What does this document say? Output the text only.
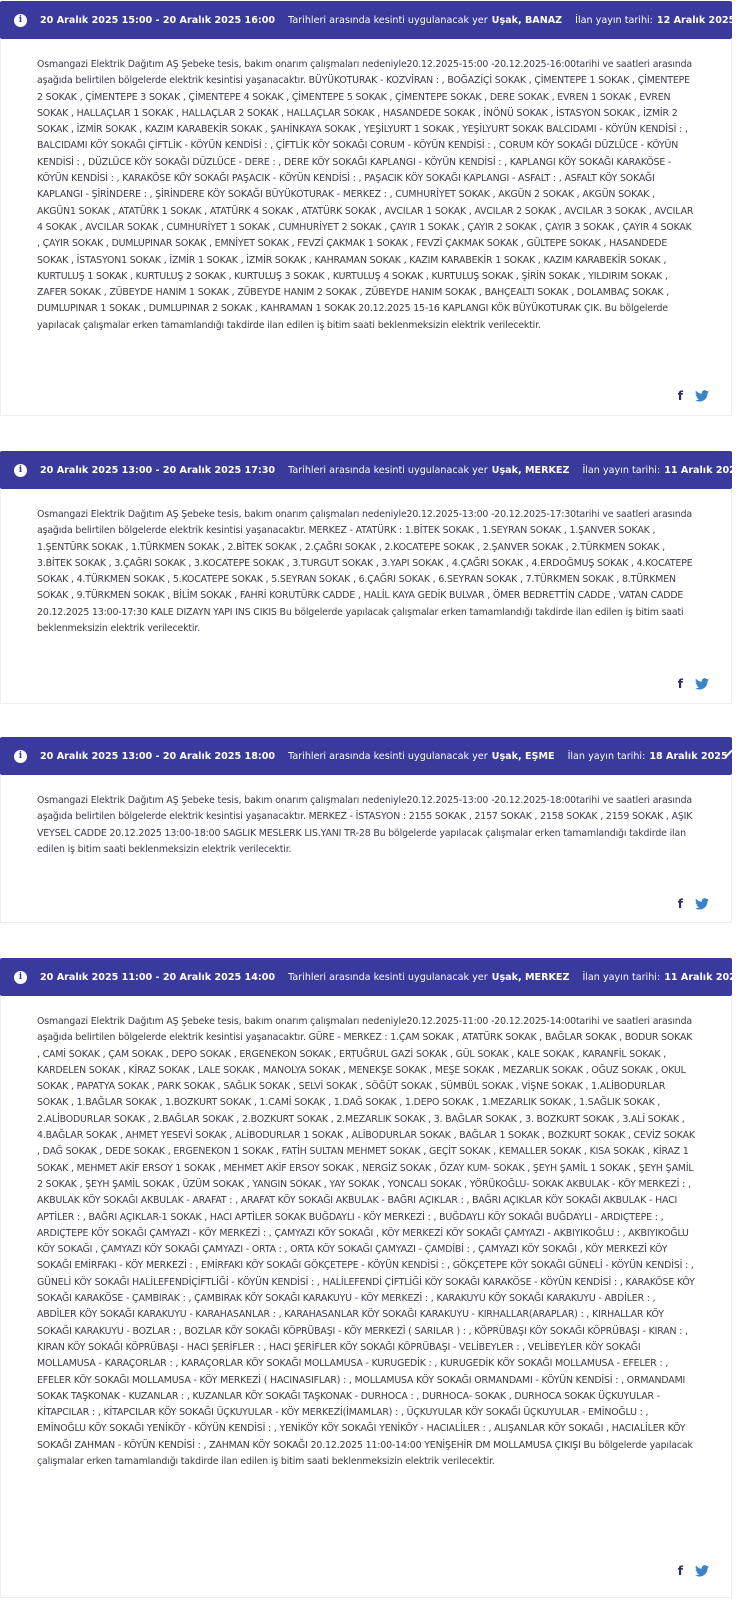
i	20 Aralık 2025 15:00 - 20 Aralık 2025 16:00 Tarihleri arasında kesinti uygulanacak yer Uşak, BANAZ İlan yayın tarihi: 12 Aralık 2025

Osmangazi Elektrik Dağıtım AŞ Şebeke tesis, bakım onarım çalışmaları nedeniyle20.12.2025-15:00 -20.12.2025-16:00tarihi ve saatleri arasında aşağıda belirtilen bölgelerde elektrik kesintisi yaşanacaktır. BÜYÜKOTURAK - KOZVİRAN : , BOĞAZİÇİ SOKAK , ÇİMENTEPE 1 SOKAK , ÇİMENTEPE 2 SOKAK , ÇİMENTEPE 3 SOKAK , ÇİMENTEPE 4 SOKAK , ÇİMENTEPE 5 SOKAK , ÇİMENTEPE SOKAK , DERE SOKAK , EVREN 1 SOKAK , EVREN SOKAK , HALLAÇLAR 1 SOKAK , HALLAÇLAR 2 SOKAK , HALLAÇLAR SOKAK , HASANDEDE SOKAK , İNÖNÜ SOKAK , İSTASYON SOKAK , İZMİR 2 SOKAK , İZMİR SOKAK , KAZIM KARABEKİR SOKAK , ŞAHİNKAYA SOKAK , YEŞİLYURT 1 SOKAK , YEŞİLYURT SOKAK BALCIDAMI - KÖYÜN KENDİSİ : , BALCIDAMI KÖY SOKAĞI ÇİFTLİK - KÖYÜN KENDİSİ : , ÇİFTLİK KÖY SOKAĞI CORUM - KÖYÜN KENDİSİ : , CORUM KÖY SOKAĞI DÜZLÜCE - KÖYÜN KENDİSİ : , DÜZLÜCE KÖY SOKAĞI DÜZLÜCE - DERE : , DERE KÖY SOKAĞI KAPLANGI - KÖYÜN KENDİSİ : , KAPLANGI KÖY SOKAĞI KARAKÖSE - KÖYÜN KENDİSİ : , KARAKÖSE KÖY SOKAĞI PAŞACIK - KÖYÜN KENDİSİ : , PAŞACIK KÖY SOKAĞI KAPLANGI - ASFALT : , ASFALT KÖY SOKAĞI KAPLANGI - ŞİRİNDERE : , ŞİRİNDERE KÖY SOKAĞI BÜYÜKOTURAK - MERKEZ : , CUMHURİYET SOKAK , AKGÜN 2 SOKAK , AKGÜN SOKAK , AKGÜN1 SOKAK , ATATÜRK 1 SOKAK , ATATÜRK 4 SOKAK , ATATÜRK SOKAK , AVCILAR 1 SOKAK , AVCILAR 2 SOKAK , AVCILAR 3 SOKAK , AVCILAR 4 SOKAK , AVCILAR SOKAK , CUMHURİYET 1 SOKAK , CUMHURİYET 2 SOKAK , ÇAYIR 1 SOKAK , ÇAYIR 2 SOKAK , ÇAYIR 3 SOKAK , ÇAYIR 4 SOKAK , ÇAYIR SOKAK , DUMLUPINAR SOKAK , EMNİYET SOKAK , FEVZİ ÇAKMAK 1 SOKAK , FEVZİ ÇAKMAK SOKAK , GÜLTEPE SOKAK , HASANDEDE SOKAK , İSTASYON1 SOKAK , İZMİR 1 SOKAK , İZMİR SOKAK , KAHRAMAN SOKAK , KAZIM KARABEKİR 1 SOKAK , KAZIM KARABEKİR SOKAK , KURTULUŞ 1 SOKAK , KURTULUŞ 2 SOKAK , KURTULUŞ 3 SOKAK , KURTULUŞ 4 SOKAK , KURTULUŞ SOKAK , ŞİRİN SOKAK , YILDIRIM SOKAK , ZAFER SOKAK , ZÜBEYDE HANIM 1 SOKAK , ZÜBEYDE HANIM 2 SOKAK , ZÜBEYDE HANIM SOKAK , BAHÇEALTI SOKAK , DOLAMBAÇ SOKAK , DUMLUPINAR 1 SOKAK , DUMLUPINAR 2 SOKAK , KAHRAMAN 1 SOKAK 20.12.2025 15-16 KAPLANGI KÖK BÜYÜKOTURAK ÇIK. Bu bölgelerde yapılacak çalışmalar erken tamamlandığı takdirde ilan edilen iş bitim saati beklenmeksizin elektrik verilecektir.

f
i	20 Aralık 2025 13:00 - 20 Aralık 2025 17:30 Tarihleri arasında kesinti uygulanacak yer Uşak, MERKEZ İlan yayın tarihi: 11 Aralık 2025

Osmangazi Elektrik Dağıtım AŞ Şebeke tesis, bakım onarım çalışmaları nedeniyle20.12.2025-13:00 -20.12.2025-17:30tarihi ve saatleri arasında aşağıda belirtilen bölgelerde elektrik kesintisi yaşanacaktır. MERKEZ - ATATÜRK : 1.BİTEK SOKAK , 1.SEYRAN SOKAK , 1.ŞANVER SOKAK , 1.ŞENTÜRK SOKAK , 1.TÜRKMEN SOKAK , 2.BİTEK SOKAK , 2.ÇAĞRI SOKAK , 2.KOCATEPE SOKAK , 2.ŞANVER SOKAK , 2.TÜRKMEN SOKAK , 3.BİTEK SOKAK , 3.ÇAĞRI SOKAK , 3.KOCATEPE SOKAK , 3.TURGUT SOKAK , 3.YAPI SOKAK , 4.ÇAĞRI SOKAK , 4.ERDOĞMUŞ SOKAK , 4.KOCATEPE SOKAK , 4.TÜRKMEN SOKAK , 5.KOCATEPE SOKAK , 5.SEYRAN SOKAK , 6.ÇAĞRI SOKAK , 6.SEYRAN SOKAK , 7.TÜRKMEN SOKAK , 8.TÜRKMEN SOKAK , 9.TÜRKMEN SOKAK , BİLİM SOKAK , FAHRİ KORUTÜRK CADDE , HALİL KAYA GEDİK BULVAR , ÖMER BEDRETTİN CADDE , VATAN CADDE 20.12.2025 13:00-17:30 KALE DIZAYN YAPI INS CIKIS Bu bölgelerde yapılacak çalışmalar erken tamamlandığı takdirde ilan edilen iş bitim saati beklenmeksizin elektrik verilecektir.

f
i	20 Aralık 2025 13:00 - 20 Aralık 2025 18:00 Tarihleri arasında kesinti uygulanacak yer Uşak, EŞME İlan yayın tarihi: 18 Aralık 2025

Osmangazi Elektrik Dağıtım AŞ Şebeke tesis, bakım onarım çalışmaları nedeniyle20.12.2025-13:00 -20.12.2025-18:00tarihi ve saatleri arasında aşağıda belirtilen bölgelerde elektrik kesintisi yaşanacaktır. MERKEZ - İSTASYON : 2155 SOKAK , 2157 SOKAK , 2158 SOKAK , 2159 SOKAK , AŞIK VEYSEL CADDE 20.12.2025 13:00-18:00 SAGLIK MESLERK LIS.YANI TR-28 Bu bölgelerde yapılacak çalışmalar erken tamamlandığı takdirde ilan edilen iş bitim saati beklenmeksizin elektrik verilecektir.

f
i	20 Aralık 2025 11:00 - 20 Aralık 2025 14:00 Tarihleri arasında kesinti uygulanacak yer Uşak, MERKEZ İlan yayın tarihi: 11 Aralık 2025

Osmangazi Elektrik Dağıtım AŞ Şebeke tesis, bakım onarım çalışmaları nedeniyle20.12.2025-11:00 -20.12.2025-14:00tarihi ve saatleri arasında aşağıda belirtilen bölgelerde elektrik kesintisi yaşanacaktır. GÜRE - MERKEZ : 1.ÇAM SOKAK , ATATÜRK SOKAK , BAĞLAR SOKAK , BODUR SOKAK , CAMİ SOKAK , ÇAM SOKAK , DEPO SOKAK , ERGENEKON SOKAK , ERTUĞRUL GAZİ SOKAK , GÜL SOKAK , KALE SOKAK , KARANFİL SOKAK , KARDELEN SOKAK , KİRAZ SOKAK , LALE SOKAK , MANOLYA SOKAK , MENEKŞE SOKAK , MEŞE SOKAK , MEZARLIK SOKAK , OĞUZ SOKAK , OKUL SOKAK , PAPATYA SOKAK , PARK SOKAK , SAĞLIK SOKAK , SELVİ SOKAK , SÖĞÜT SOKAK , SÜMBÜL SOKAK , VİŞNE SOKAK , 1.ALİBODURLAR SOKAK , 1.BAĞLAR SOKAK , 1.BOZKURT SOKAK , 1.CAMİ SOKAK , 1.DAĞ SOKAK , 1.DEPO SOKAK , 1.MEZARLIK SOKAK , 1.SAĞLIK SOKAK , 2.ALİBODURLAR SOKAK , 2.BAĞLAR SOKAK , 2.BOZKURT SOKAK , 2.MEZARLIK SOKAK , 3. BAĞLAR SOKAK , 3. BOZKURT SOKAK , 3.ALİ SOKAK , 4.BAĞLAR SOKAK , AHMET YESEVİ SOKAK , ALİBODURLAR 1 SOKAK , ALİBODURLAR SOKAK , BAĞLAR 1 SOKAK , BOZKURT SOKAK , CEVİZ SOKAK , DAĞ SOKAK , DEDE SOKAK , ERGENEKON 1 SOKAK , FATİH SULTAN MEHMET SOKAK , GEÇİT SOKAK , KEMALLER SOKAK , KISA SOKAK , KİRAZ 1 SOKAK , MEHMET AKİF ERSOY 1 SOKAK , MEHMET AKİF ERSOY SOKAK , NERGİZ SOKAK , ÖZAY KUM- SOKAK , ŞEYH ŞAMİL 1 SOKAK , ŞEYH ŞAMİL 2 SOKAK , ŞEYH ŞAMİL SOKAK , ÜZÜM SOKAK , YANGIN SOKAK , YAY SOKAK , YONCALI SOKAK , YÖRÜKOĞLU- SOKAK AKBULAK - KÖY MERKEZİ : , AKBULAK KÖY SOKAĞI AKBULAK - ARAFAT : , ARAFAT KÖY SOKAĞI AKBULAK - BAĞRI AÇIKLAR : , BAĞRI AÇIKLAR KÖY SOKAĞI AKBULAK - HACI APTİLER : , BAĞRI AÇIKLAR-1 SOKAK , HACI APTİLER SOKAK BUĞDAYLI - KÖY MERKEZİ : , BUĞDAYLI KÖY SOKAĞI BUĞDAYLI - ARDIÇTEPE : , ARDIÇTEPE KÖY SOKAĞI ÇAMYAZI - KÖY MERKEZİ : , ÇAMYAZI KÖY SOKAĞI , KÖY MERKEZİ KÖY SOKAĞI ÇAMYAZI - AKBIYIKOĞLU : , AKBIYIKOĞLU KÖY SOKAĞI , ÇAMYAZI KÖY SOKAĞI ÇAMYAZI - ORTA : , ORTA KÖY SOKAĞI ÇAMYAZI - ÇAMDİBİ : , ÇAMYAZI KÖY SOKAĞI , KÖY MERKEZİ KÖY SOKAĞI EMİRFAKI - KÖY MERKEZİ : , EMİRFAKI KÖY SOKAĞI GÖKÇETEPE - KÖYÜN KENDİSİ : , GÖKÇETEPE KÖY SOKAĞI GÜNELİ - KÖYÜN KENDİSİ : , GÜNELİ KÖY SOKAĞI HALİLEFENDİÇİFTLİĞİ - KÖYÜN KENDİSİ : , HALİLEFENDİ ÇİFTLİĞİ KÖY SOKAĞI KARAKÖSE - KÖYÜN KENDİSİ : , KARAKÖSE KÖY SOKAĞI KARAKÖSE - ÇAMBIRAK : , ÇAMBIRAK KÖY SOKAĞI KARAKUYU - KÖY MERKEZİ : , KARAKUYU KÖY SOKAĞI KARAKUYU - ABDİLER : , ABDİLER KÖY SOKAĞI KARAKUYU - KARAHASANLAR : , KARAHASANLAR KÖY SOKAĞI KARAKUYU - KIRHALLAR(ARAPLAR) : , KIRHALLAR KÖY SOKAĞI KARAKUYU - BOZLAR : , BOZLAR KÖY SOKAĞI KÖPRÜBAŞI - KÖY MERKEZİ ( SARILAR ) : , KÖPRÜBAŞI KÖY SOKAĞI KÖPRÜBAŞI - KIRAN : , KIRAN KÖY SOKAĞI KÖPRÜBAŞI - HACI ŞERİFLER : , HACI ŞERİFLER KÖY SOKAĞI KÖPRÜBAŞI - VELİBEYLER : , VELİBEYLER KÖY SOKAĞI MOLLAMUSA - KARAÇORLAR : , KARAÇORLAR KÖY SOKAĞI MOLLAMUSA - KURUGEDİK : , KURUGEDİK KÖY SOKAĞI MOLLAMUSA - EFELER : , EFELER KÖY SOKAĞI MOLLAMUSA - KÖY MERKEZİ ( HACINASIFLAR) : , MOLLAMUSA KÖY SOKAĞI ORMANDAMI - KÖYÜN KENDİSİ : , ORMANDAMI SOKAK TAŞKONAK - KUZANLAR : , KUZANLAR KÖY SOKAĞI TAŞKONAK - DURHOCA : , DURHOCA- SOKAK , DURHOCA SOKAK ÜÇKUYULAR - KİTAPCILAR : , KİTAPCILAR KÖY SOKAĞI ÜÇKUYULAR - KÖY MERKEZİ(İMAMLAR) : , ÜÇKUYULAR KÖY SOKAĞI ÜÇKUYULAR - EMİNOĞLU : , EMİNOĞLU KÖY SOKAĞI YENİKÖY - KÖYÜN KENDİSİ : , YENİKÖY KÖY SOKAĞI YENİKÖY - HACIALİLER : , ALIŞANLAR KÖY SOKAĞI , HACIALİLER KÖY SOKAĞI ZAHMAN - KÖYÜN KENDİSİ : , ZAHMAN KÖY SOKAĞI 20.12.2025 11:00-14:00 YENİŞEHİR DM MOLLAMUSA ÇIKIŞI Bu bölgelerde yapılacak çalışmalar erken tamamlandığı takdirde ilan edilen iş bitim saati beklenmeksizin elektrik verilecektir.

f
